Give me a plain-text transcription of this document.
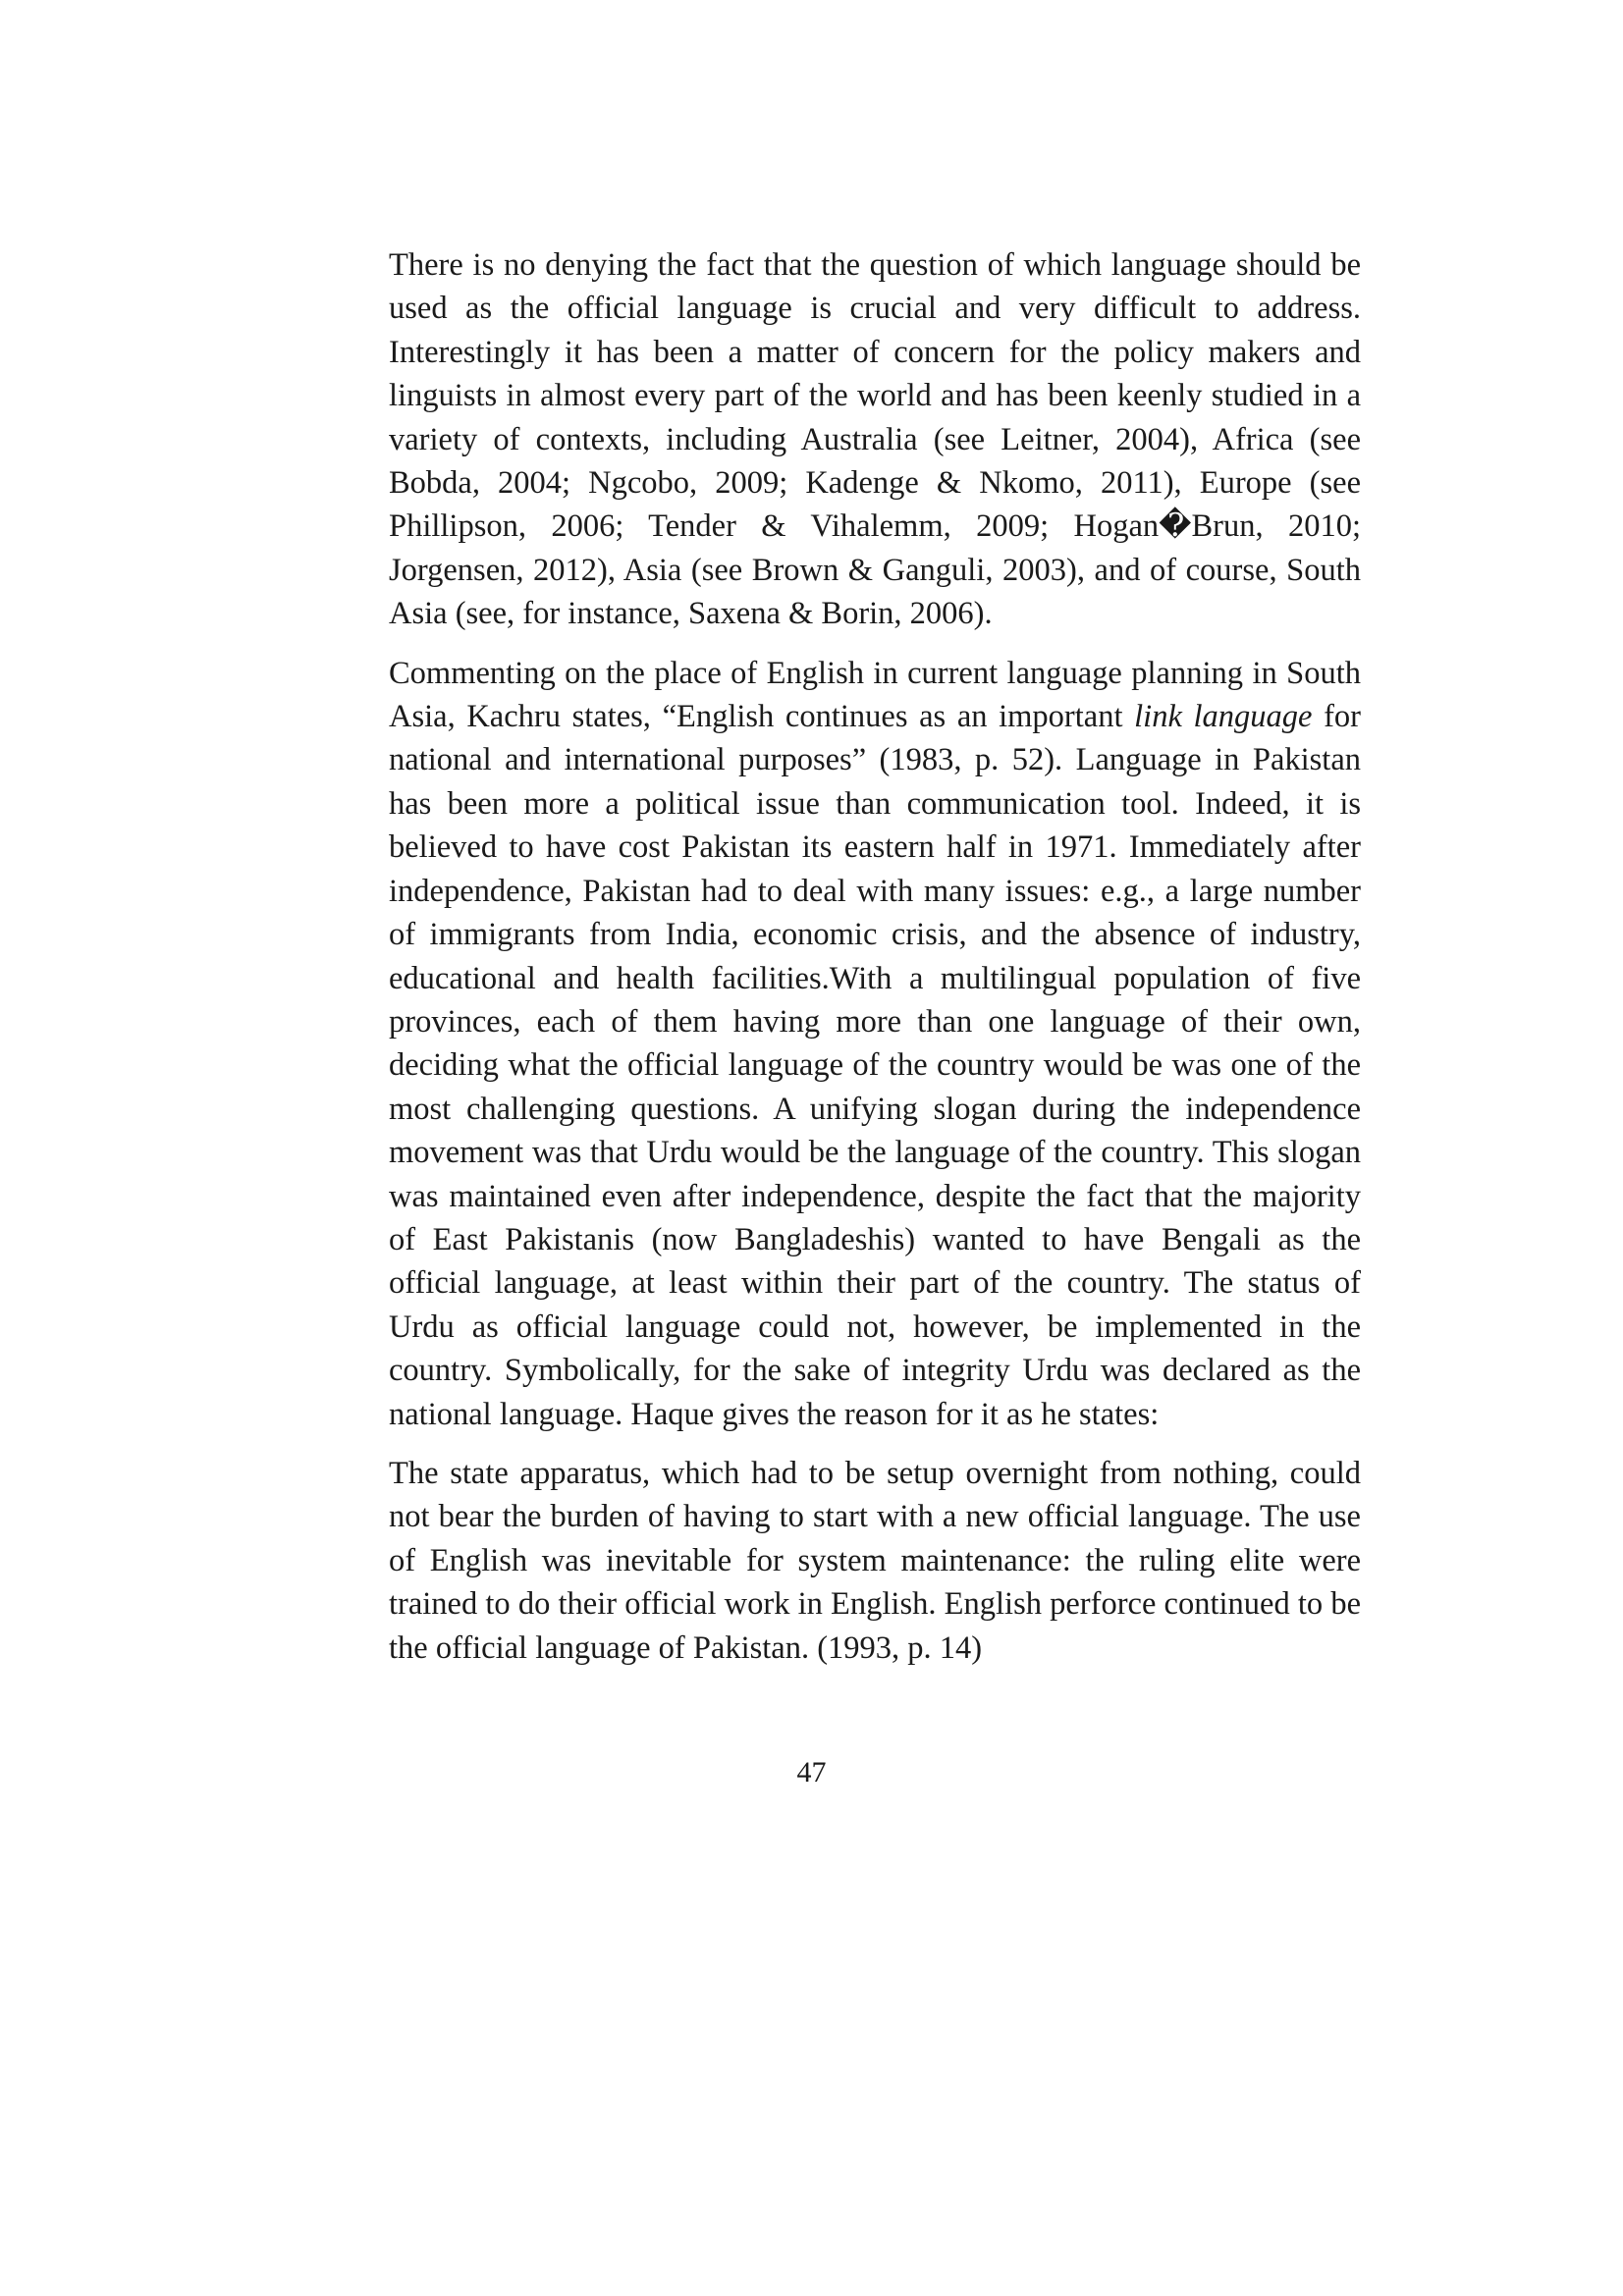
There is no denying the fact that the question of which language should be used as the official language is crucial and very difficult to address. Interestingly it has been a matter of concern for the policy makers and linguists in almost every part of the world and has been keenly studied in a variety of contexts, including Australia (see Leitner, 2004), Africa (see Bobda, 2004; Ngcobo, 2009; Kadenge & Nkomo, 2011), Europe (see Phillipson, 2006; Tender & Vihalemm, 2009; Hogan�Brun, 2010; Jorgensen, 2012), Asia (see Brown & Ganguli, 2003), and of course, South Asia (see, for instance, Saxena & Borin, 2006).

Commenting on the place of English in current language planning in South Asia, Kachru states, “English continues as an important link language for national and international purposes” (1983, p. 52). Language in Pakistan has been more a political issue than communication tool. Indeed, it is believed to have cost Pakistan its eastern half in 1971. Immediately after independence, Pakistan had to deal with many issues: e.g., a large number of immigrants from India, economic crisis, and the absence of industry, educational and health facilities.With a multilingual population of five provinces, each of them having more than one language of their own, deciding what the official language of the country would be was one of the most challenging questions. A unifying slogan during the independence movement was that Urdu would be the language of the country. This slogan was maintained even after independence, despite the fact that the majority of East Pakistanis (now Bangladeshis) wanted to have Bengali as the official language, at least within their part of the country. The status of Urdu as official language could not, however, be implemented in the country. Symbolically, for the sake of integrity Urdu was declared as the national language. Haque gives the reason for it as he states:

The state apparatus, which had to be setup overnight from nothing, could not bear the burden of having to start with a new official language. The use of English was inevitable for system maintenance: the ruling elite were trained to do their official work in English. English perforce continued to be the official language of Pakistan. (1993, p. 14)

47
